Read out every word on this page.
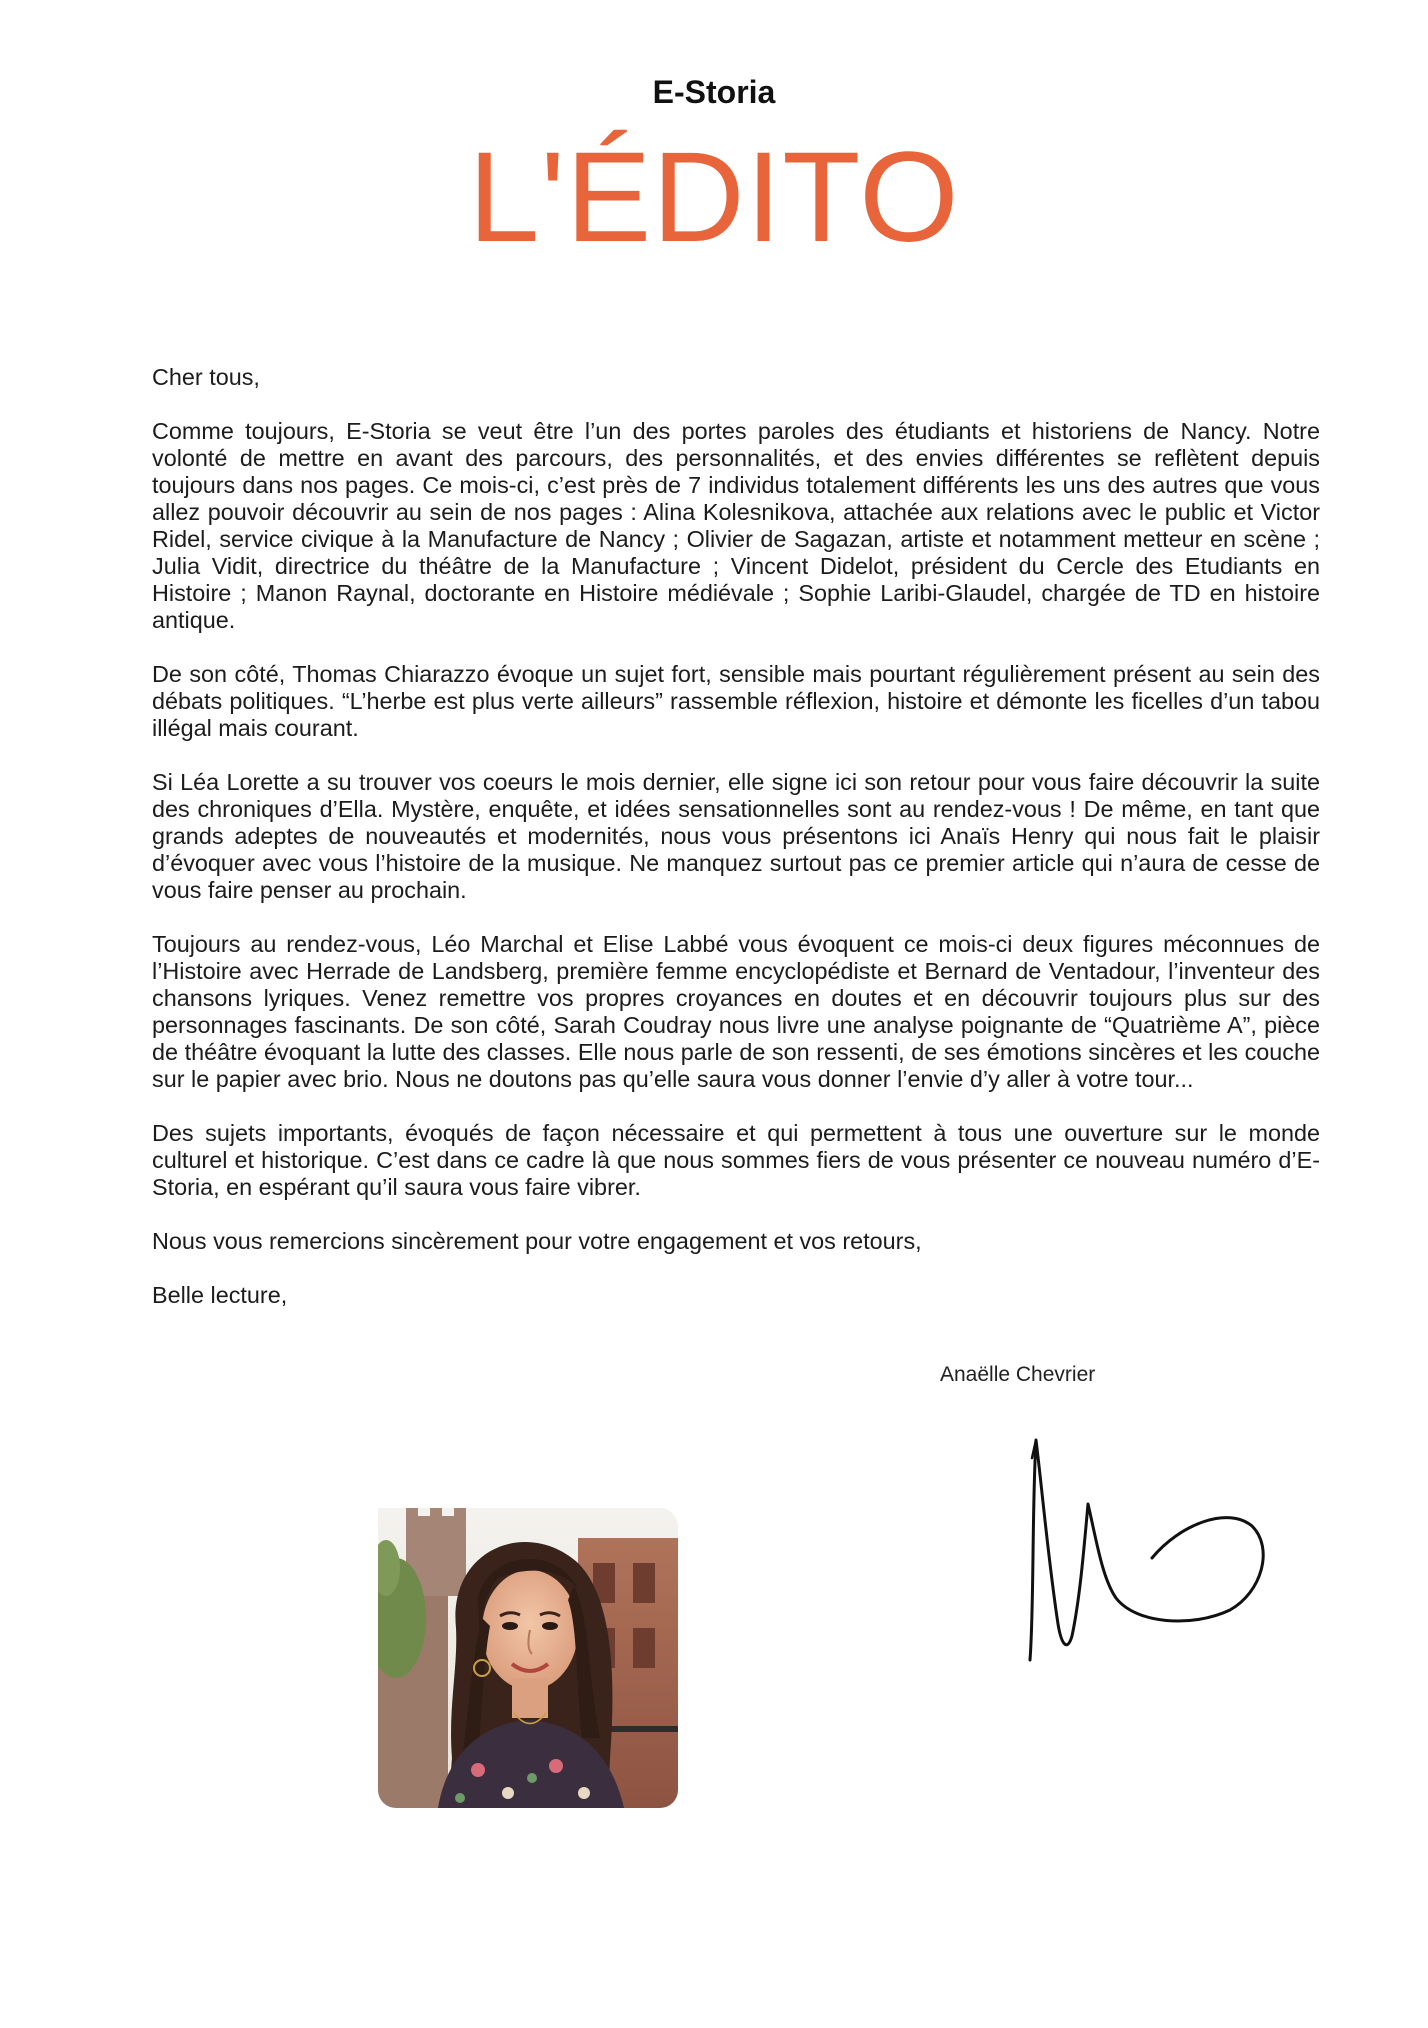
E-Storia
L'ÉDITO

Cher tous,

Comme toujours, E-Storia se veut être l’un des portes paroles des étudiants et historiens de Nancy. Notre volonté de mettre en avant des parcours, des personnalités, et des envies différentes se reflètent depuis toujours dans nos pages. Ce mois-ci, c’est près de 7 individus totalement différents les uns des autres que vous allez pouvoir découvrir au sein de nos pages : Alina Kolesnikova, attachée aux relations avec le public et Victor Ridel, service civique à la Manufacture de Nancy ; Olivier de Sagazan, artiste et notamment metteur en scène ; Julia Vidit, directrice du théâtre de la Manufacture ; Vincent Didelot, président du Cercle des Etudiants en Histoire ; Manon Raynal, doctorante en Histoire médiévale ; Sophie Laribi-Glaudel, chargée de TD en histoire antique.

De son côté, Thomas Chiarazzo évoque un sujet fort, sensible mais pourtant régulièrement présent au sein des débats politiques. “L’herbe est plus verte ailleurs” rassemble réflexion, histoire et démonte les ficelles d’un tabou illégal mais courant.

Si Léa Lorette a su trouver vos coeurs le mois dernier, elle signe ici son retour pour vous faire découvrir la suite des chroniques d’Ella. Mystère, enquête, et idées sensationnelles sont au rendez-vous ! De même, en tant que grands adeptes de nouveautés et modernités, nous vous présentons ici Anaïs Henry qui nous fait le plaisir d’évoquer avec vous l’histoire de la musique. Ne manquez surtout pas ce premier article qui n’aura de cesse de vous faire penser au prochain.

Toujours au rendez-vous, Léo Marchal et Elise Labbé vous évoquent ce mois-ci deux figures méconnues de l’Histoire avec Herrade de Landsberg, première femme encyclopédiste et Bernard de Ventadour, l’inventeur des chansons lyriques. Venez remettre vos propres croyances en doutes et en découvrir toujours plus sur des personnages fascinants. De son côté, Sarah Coudray nous livre une analyse poignante de “Quatrième A”, pièce de théâtre évoquant la lutte des classes. Elle nous parle de son ressenti, de ses émotions sincères et les couche sur le papier avec brio. Nous ne doutons pas qu’elle saura vous donner l’envie d’y aller à votre tour...

Des sujets importants, évoqués de façon nécessaire et qui permettent à tous une ouverture sur le monde culturel et historique. C’est dans ce cadre là que nous sommes fiers de vous présenter ce nouveau numéro d’E-Storia, en espérant qu’il saura vous faire vibrer.

Nous vous remercions sincèrement pour votre engagement et vos retours,

Belle lecture,

Anaëlle Chevrier
